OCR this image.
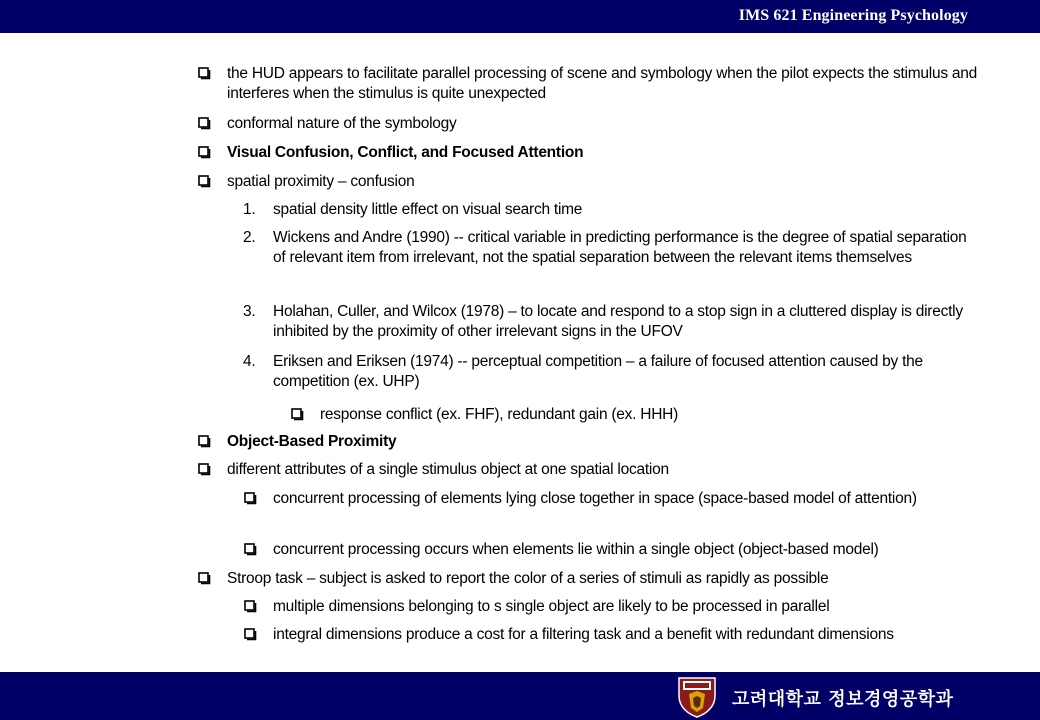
IMS 621 Engineering Psychology
the HUD appears to facilitate parallel processing of scene and symbology when the pilot expects the stimulus and interferes when the stimulus is quite unexpected
conformal nature of the symbology
Visual Confusion, Conflict, and Focused Attention
spatial proximity – confusion
1. spatial density little effect on visual search time
2. Wickens and Andre (1990) -- critical variable in predicting performance is the degree of spatial separation of relevant item from irrelevant, not the spatial separation between the relevant items themselves
3. Holahan, Culler, and Wilcox (1978) – to locate and respond to a stop sign in a cluttered display is directly inhibited by the proximity of other irrelevant signs in the UFOV
4. Eriksen and Eriksen (1974) -- perceptual competition – a failure of focused attention caused by the competition (ex. UHP)
response conflict (ex. FHF), redundant gain (ex. HHH)
Object-Based Proximity
different attributes of a single stimulus object at one spatial location
concurrent processing of elements lying close together in space (space-based model of attention)
concurrent processing occurs when elements lie within a single object (object-based model)
Stroop task – subject is asked to report the color of a series of stimuli as rapidly as possible
multiple dimensions belonging to s single object are likely to be processed in parallel
integral dimensions produce a cost for a filtering task and a benefit with redundant dimensions
고려대학교 정보경영공학과
